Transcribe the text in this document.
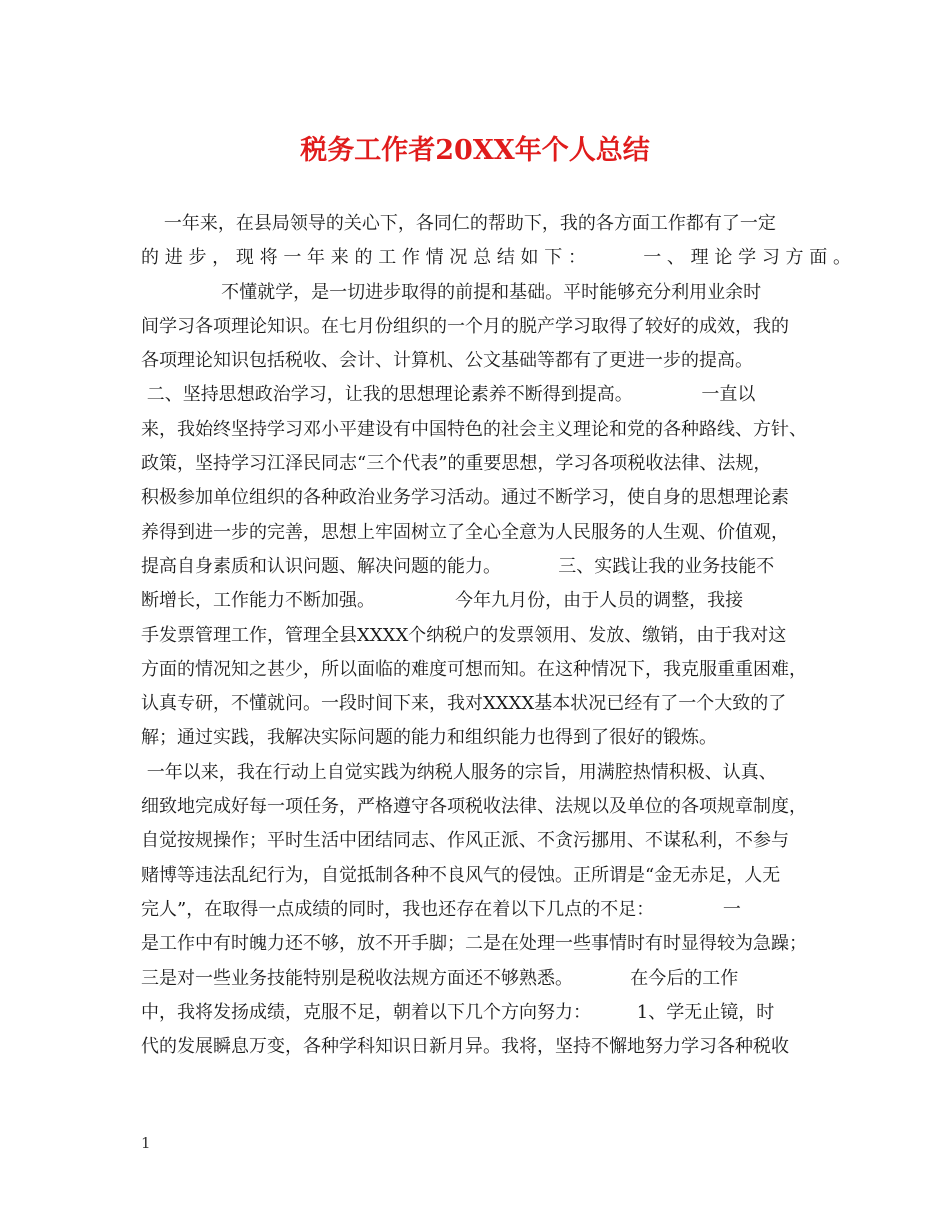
税务工作者20XX年个人总结
一年来，在县局领导的关心下，各同仁的帮助下，我的各方面工作都有了一定
的 进 步 ， 现 将 一 年 来 的 工 作 情 况 总 结 如 下 ：          一 、 理 论 学 习 方 面 。
不懂就学，是一切进步取得的前提和基础。平时能够充分利用业余时
间学习各项理论知识。在七月份组织的一个月的脱产学习取得了较好的成效，我的
各项理论知识包括税收、会计、计算机、公文基础等都有了更进一步的提高。
二、坚持思想政治学习，让我的思想理论素养不断得到提高。            一直以
来，我始终坚持学习邓小平建设有中国特色的社会主义理论和党的各种路线、方针、
政策，坚持学习江泽民同志“三个代表”的重要思想，学习各项税收法律、法规，
积极参加单位组织的各种政治业务学习活动。通过不断学习，使自身的思想理论素
养得到进一步的完善，思想上牢固树立了全心全意为人民服务的人生观、价值观，
提高自身素质和认识问题、解决问题的能力。          三、实践让我的业务技能不
断增长，工作能力不断加强。              今年九月份，由于人员的调整，我接
手发票管理工作，管理全县XXXX个纳税户的发票领用、发放、缴销，由于我对这
方面的情况知之甚少，所以面临的难度可想而知。在这种情况下，我克服重重困难，
认真专研，不懂就问。一段时间下来，我对XXXX基本状况已经有了一个大致的了
解；通过实践，我解决实际问题的能力和组织能力也得到了很好的锻炼。
一年以来，我在行动上自觉实践为纳税人服务的宗旨，用满腔热情积极、认真、
细致地完成好每一项任务，严格遵守各项税收法律、法规以及单位的各项规章制度，
自觉按规操作；平时生活中团结同志、作风正派、不贪污挪用、不谋私利，不参与
赌博等违法乱纪行为，自觉抵制各种不良风气的侵蚀。正所谓是“金无赤足，人无
完人”，在取得一点成绩的同时，我也还存在着以下几点的不足：            一
是工作中有时魄力还不够，放不开手脚；二是在处理一些事情时有时显得较为急躁；
三是对一些业务技能特别是税收法规方面还不够熟悉。          在今后的工作
中，我将发扬成绩，克服不足，朝着以下几个方向努力：        1、学无止镜，时
代的发展瞬息万变，各种学科知识日新月异。我将，坚持不懈地努力学习各种税收
1
